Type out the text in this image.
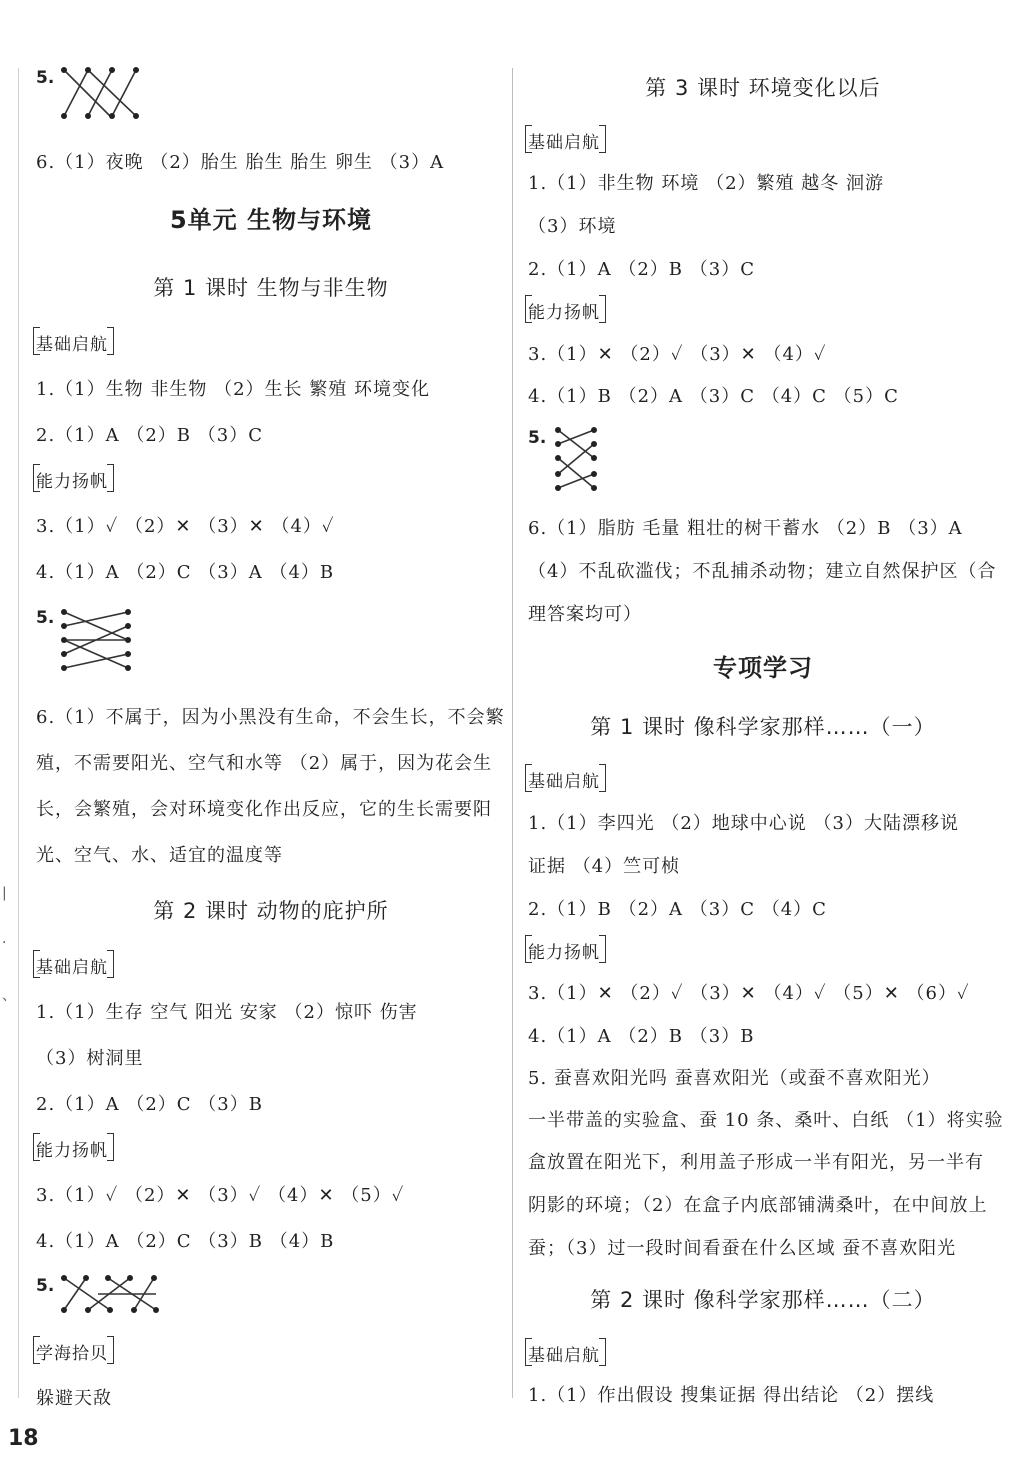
|
·
、
5.
6.（1）夜晚 （2）胎生 胎生 胎生 卵生 （3）A
5单元 生物与环境
第 1 课时 生物与非生物
基础启航
1.（1）生物 非生物 （2）生长 繁殖 环境变化
2.（1）A （2）B （3）C
能力扬帆
3.（1）✓ （2）✕ （3）✕ （4）✓
4.（1）A （2）C （3）A （4）B
5.
6.（1）不属于，因为小黑没有生命，不会生长，不会繁
殖，不需要阳光、空气和水等 （2）属于，因为花会生
长，会繁殖，会对环境变化作出反应，它的生长需要阳
光、空气、水、适宜的温度等
第 2 课时 动物的庇护所
基础启航
1.（1）生存 空气 阳光 安家 （2）惊吓 伤害
（3）树洞里
2.（1）A （2）C （3）B
能力扬帆
3.（1）✓ （2）✕ （3）✓ （4）✕ （5）✓
4.（1）A （2）C （3）B （4）B
5.
学海拾贝
躲避天敌
第 3 课时 环境变化以后
基础启航
1.（1）非生物 环境 （2）繁殖 越冬 洄游
（3）环境
2.（1）A （2）B （3）C
能力扬帆
3.（1）✕ （2）✓ （3）✕ （4）✓
4.（1）B （2）A （3）C （4）C （5）C
5.
6.（1）脂肪 毛量 粗壮的树干蓄水 （2）B （3）A
（4）不乱砍滥伐；不乱捕杀动物；建立自然保护区（合
理答案均可）
专项学习
第 1 课时 像科学家那样……（一）
基础启航
1.（1）李四光 （2）地球中心说 （3）大陆漂移说
证据 （4）竺可桢
2.（1）B （2）A （3）C （4）C
能力扬帆
3.（1）✕ （2）✓ （3）✕ （4）✓ （5）✕ （6）✓
4.（1）A （2）B （3）B
5. 蚕喜欢阳光吗 蚕喜欢阳光（或蚕不喜欢阳光）
一半带盖的实验盒、蚕 10 条、桑叶、白纸 （1）将实验
盒放置在阳光下，利用盖子形成一半有阳光，另一半有
阴影的环境；（2）在盒子内底部铺满桑叶，在中间放上
蚕；（3）过一段时间看蚕在什么区域 蚕不喜欢阳光
第 2 课时 像科学家那样……（二）
基础启航
1.（1）作出假设 搜集证据 得出结论 （2）摆线
18
